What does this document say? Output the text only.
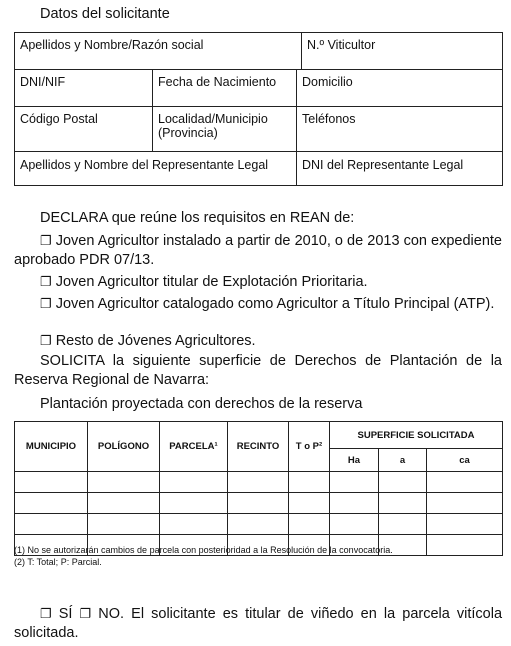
Datos del solicitante
Apellidos y Nombre/Razón social			N.º Viticultor
DNI/NIF	Fecha de Nacimiento	Domicilio	
Código Postal	Localidad/Municipio (Provincia)	Teléfonos	
Apellidos y Nombre del Representante Legal		DNI del Representante Legal	
DECLARA que reúne los requisitos en REAN de:
❐ Joven Agricultor instalado a partir de 2010, o de 2013 con expediente aprobado PDR 07/13.
❐ Joven Agricultor titular de Explotación Prioritaria.
❐ Joven Agricultor catalogado como Agricultor a Título Principal (ATP).
❐ Resto de Jóvenes Agricultores.
SOLICITA la siguiente superficie de Derechos de Plantación de la Reserva Regional de Navarra:
Plantación proyectada con derechos de la reserva
MUNICIPIO	POLÍGONO	PARCELA¹	RECINTO	T o P²	SUPERFICIE SOLICITADA		
					Ha	a	ca

(1) No se autorizarán cambios de parcela con posterioridad a la Resolución de la convocatoria.
(2) T: Total; P: Parcial.
❐ SÍ ❐ NO. El solicitante es titular de viñedo en la parcela vitícola solicitada.
